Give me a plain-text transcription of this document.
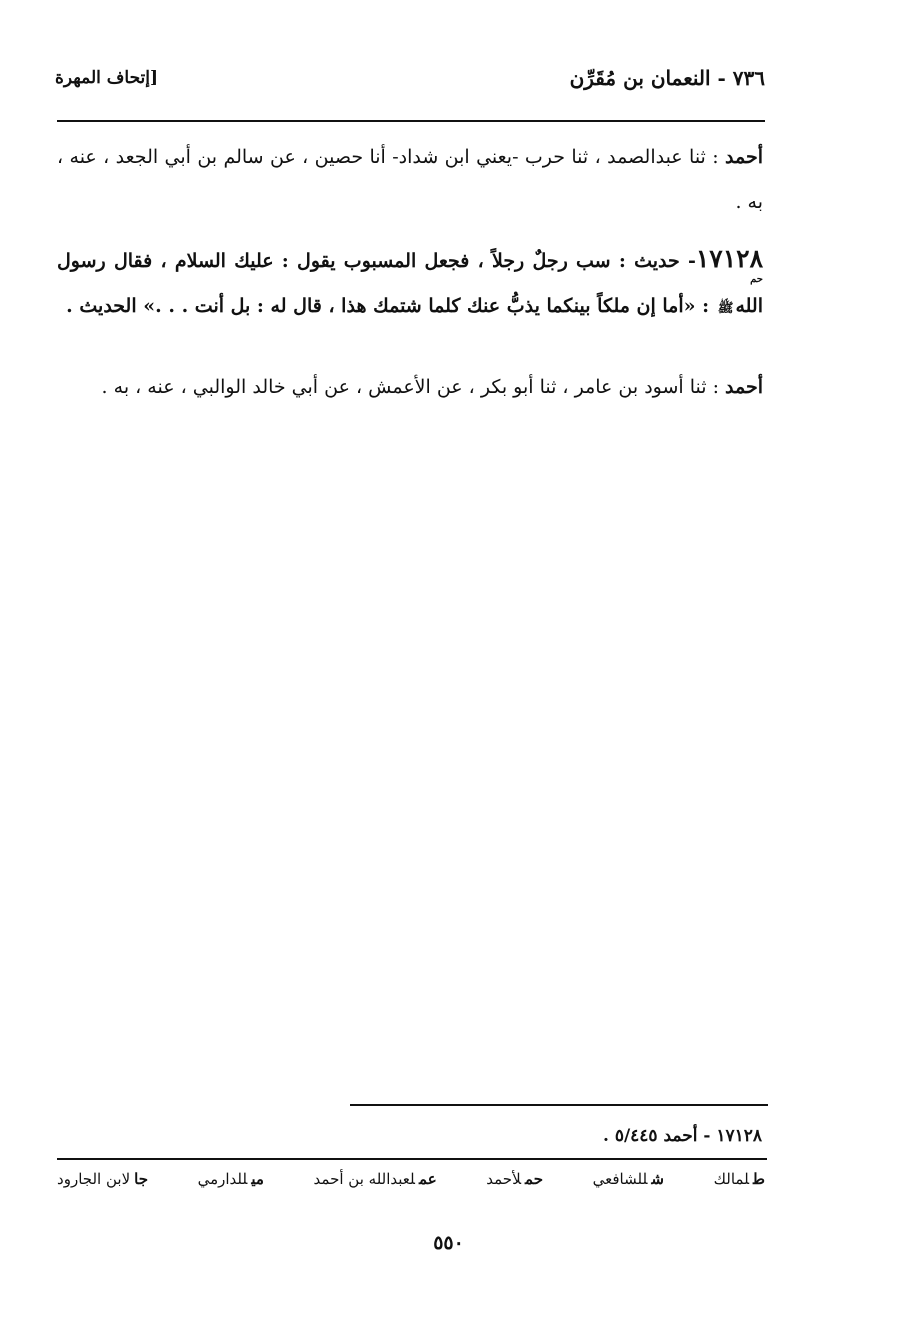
٧٣٦ - النعمان بن مُقَرِّن
[إتحاف المهرة
أحمد : ثنا عبدالصمد ، ثنا حرب -يعني ابن شداد- أنا حصين ، عن سالم بن أبي الجعد ، عنه ، به .
١٧١٢٨
حم
- حديث : سب رجلٌ رجلاً ، فجعل المسبوب يقول : عليك السلام ، فقال رسول اللهﷺ : «أما إن ملكاً بينكما يذبُّ عنك كلما شتمك هذا ، قال له : بل أنت . . .» الحديث .
أحمد : ثنا أسود بن عامر ، ثنا أبو بكر ، عن الأعمش ، عن أبي خالد الوالبي ، عنه ، به .
١٧١٢٨ - أحمد ٥/٤٤٥ .
طلمالك
شللشافعي
حملأحمد
عملعبدالله بن أحمد
ميللدارمي
جالابن الجارود
٥٥٠
